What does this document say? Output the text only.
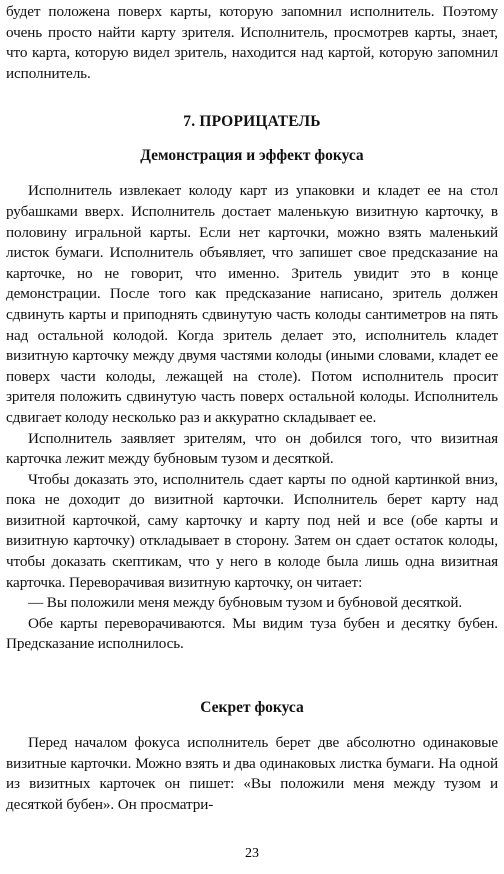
будет положена поверх карты, которую запомнил исполнитель. Поэтому очень просто найти карту зрителя. Исполнитель, просмотрев карты, знает, что карта, которую видел зритель, находится над картой, которую запомнил исполнитель.

7. ПРОРИЦАТЕЛЬ
Демонстрация и эффект фокуса

Исполнитель извлекает колоду карт из упаковки и кладет ее на стол рубашками вверх. Исполнитель достает маленькую визитную карточку, в половину игральной карты. Если нет карточки, можно взять маленький листок бумаги. Исполнитель объявляет, что запишет свое предсказание на карточке, но не говорит, что именно. Зритель увидит это в конце демонстрации. После того как предсказание написано, зритель должен сдвинуть карты и приподнять сдвинутую часть колоды сантиметров на пять над остальной колодой. Когда зритель делает это, исполнитель кладет визитную карточку между двумя частями колоды (иными словами, кладет ее поверх части колоды, лежащей на столе). Потом исполнитель просит зрителя положить сдвинутую часть поверх остальной колоды. Исполнитель сдвигает колоду несколько раз и аккуратно складывает ее.

Исполнитель заявляет зрителям, что он добился того, что визитная карточка лежит между бубновым тузом и десяткой.

Чтобы доказать это, исполнитель сдает карты по одной картинкой вниз, пока не доходит до визитной карточки. Исполнитель берет карту над визитной карточкой, саму карточку и карту под ней и все (обе карты и визитную карточку) откладывает в сторону. Затем он сдает остаток колоды, чтобы доказать скептикам, что у него в колоде была лишь одна визитная карточка. Переворачивая визитную карточку, он читает:

— Вы положили меня между бубновым тузом и бубновой десяткой.

Обе карты переворачиваются. Мы видим туза бубен и десятку бубен. Предсказание исполнилось.

Секрет фокуса

Перед началом фокуса исполнитель берет две абсолютно одинаковые визитные карточки. Можно взять и два одинаковых листка бумаги. На одной из визитных карточек он пишет: «Вы положили меня между тузом и десяткой бубен». Он просматри-

23
